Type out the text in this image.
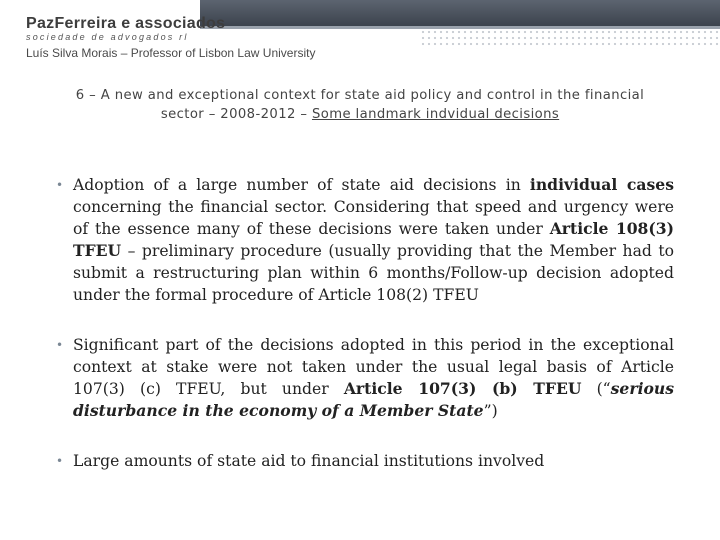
PazFerreira e associados
sociedade de advogados rl
Luís Silva Morais – Professor of Lisbon Law University
6 – A new and exceptional context for state aid policy and control in the financial
sector – 2008-2012 – Some landmark indvidual decisions
• Adoption of a large number of state aid decisions in individual cases concerning the financial sector. Considering that speed and urgency were of the essence many of these decisions were taken under Article 108(3) TFEU – preliminary procedure (usually providing that the Member had to submit a restructuring plan within 6 months/Follow-up decision adopted under the formal procedure of Article 108(2) TFEU
• Significant part of the decisions adopted in this period in the exceptional context at stake were not taken under the usual legal basis of Article 107(3) (c) TFEU, but under Article 107(3) (b) TFEU (“serious disturbance in the economy of a Member State”)
• Large amounts of state aid to financial institutions involved
